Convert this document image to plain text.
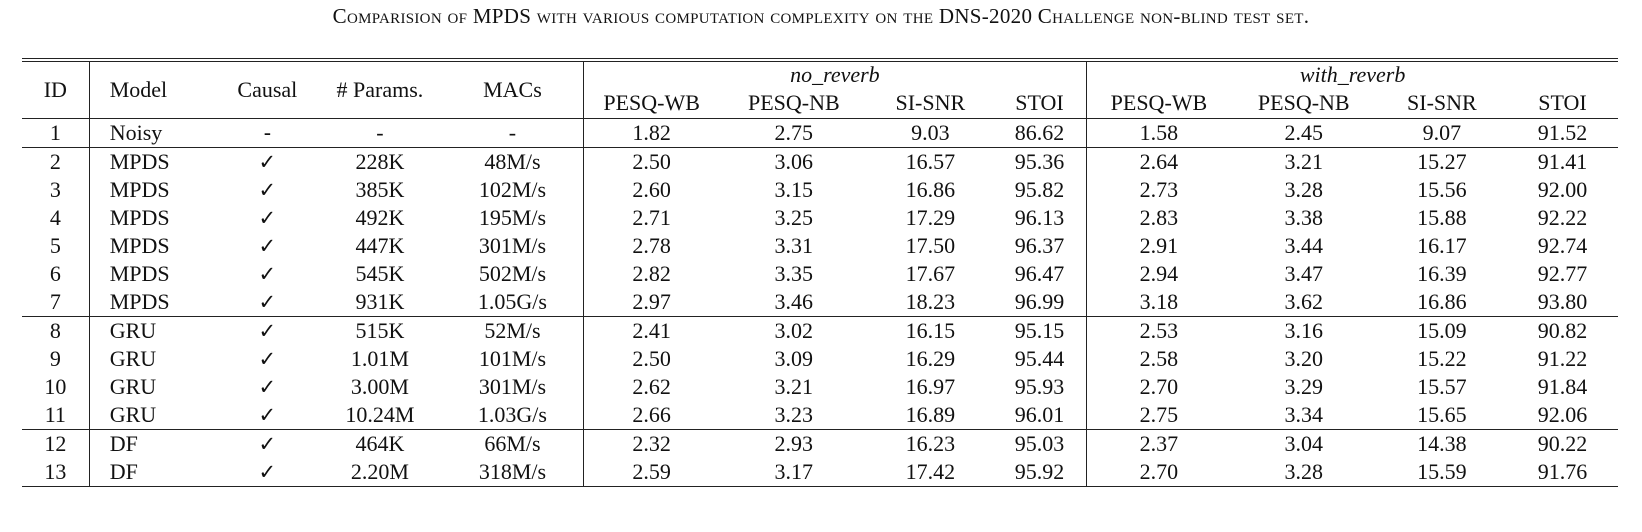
Comparision of MPDS with various computation complexity on the DNS-2020 Challenge non-blind test set.
ID	Model	Causal	# Params.	MACs	no_reverb				with_reverb			
					PESQ-WB	PESQ-NB	SI-SNR	STOI	PESQ-WB	PESQ-NB	SI-SNR	STOI
1	Noisy	-	-	-	1.82	2.75	9.03	86.62	1.58	2.45	9.07	91.52
2	MPDS	✓	228K	48M/s	2.50	3.06	16.57	95.36	2.64	3.21	15.27	91.41
3	MPDS	✓	385K	102M/s	2.60	3.15	16.86	95.82	2.73	3.28	15.56	92.00
4	MPDS	✓	492K	195M/s	2.71	3.25	17.29	96.13	2.83	3.38	15.88	92.22
5	MPDS	✓	447K	301M/s	2.78	3.31	17.50	96.37	2.91	3.44	16.17	92.74
6	MPDS	✓	545K	502M/s	2.82	3.35	17.67	96.47	2.94	3.47	16.39	92.77
7	MPDS	✓	931K	1.05G/s	2.97	3.46	18.23	96.99	3.18	3.62	16.86	93.80
8	GRU	✓	515K	52M/s	2.41	3.02	16.15	95.15	2.53	3.16	15.09	90.82
9	GRU	✓	1.01M	101M/s	2.50	3.09	16.29	95.44	2.58	3.20	15.22	91.22
10	GRU	✓	3.00M	301M/s	2.62	3.21	16.97	95.93	2.70	3.29	15.57	91.84
11	GRU	✓	10.24M	1.03G/s	2.66	3.23	16.89	96.01	2.75	3.34	15.65	92.06
12	DF	✓	464K	66M/s	2.32	2.93	16.23	95.03	2.37	3.04	14.38	90.22
13	DF	✓	2.20M	318M/s	2.59	3.17	17.42	95.92	2.70	3.28	15.59	91.76
